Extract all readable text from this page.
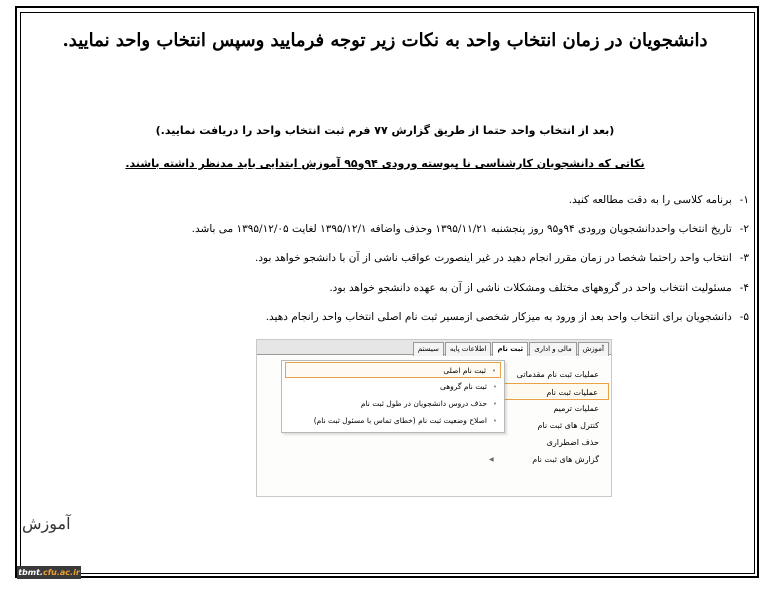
دانشجویان در زمان انتخاب واحد به نکات زیر توجه فرمایید وسپس انتخاب واحد نمایید.
(بعد از انتخاب واحد حتما از طریق گزارش ۷۷ فرم ثبت انتخاب واحد را دریافت نمایید.)
نکاتی که دانشجویان کارشناسی نا پیوسته ورودی ۹۴و۹۵ آموزش ابتدایی باید مدنظر داشته باشند.
۱-برنامه کلاسی را به دقت مطالعه کنید.
۲-تاریخ انتخاب واحددانشجویان ورودی ۹۴و۹۵ روز پنجشنبه ۱۳۹۵/۱۱/۲۱ وحذف واضافه ۱۳۹۵/۱۲/۱ لغایت ۱۳۹۵/۱۲/۰۵ می باشد.
۳-انتخاب واحد راحتما شخصا در زمان مقرر انجام دهید در غیر اینصورت عواقب ناشی از آن با دانشجو خواهد بود.
۴-مسئولیت انتخاب واحد در گروههای مختلف ومشکلات ناشی از آن به عهده دانشجو خواهد بود.
۵-دانشجویان برای انتخاب واحد بعد از ورود به میزکار شخصی ازمسیر ثبت نام اصلی انتخاب واحد رانجام دهید.
آموزش
مالی و اداری
ثبت نام
اطلاعات پایه
سیستم
عملیات ثبت نام مقدماتی
عملیات ثبت نام
عملیات ترمیم
کنترل های ثبت نام
حذف اضطراری
گزارش های ثبت نام
◀
•
ثبت نام اصلی
•
ثبت نام گروهی
•
حذف دروس دانشجویان در طول ثبت نام
•
اصلاح وضعیت ثبت نام (خطای تماس با مسئول ثبت نام)
آموزش
tbmt.cfu.ac.ir
